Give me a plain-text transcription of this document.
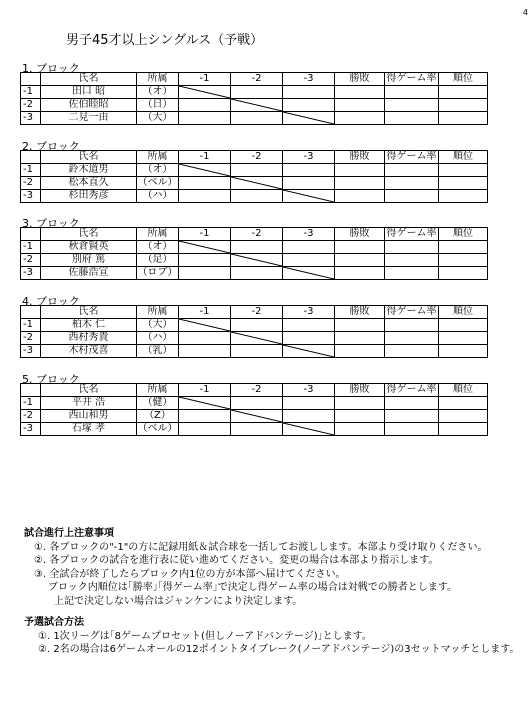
男子45才以上シングルス（予戦）
4
1. ブロック
	氏名	所属	-1	-2	-3	勝敗	得ゲーム率	順位
-1	田口 昭	（オ）	

-2	佐伯睦昭	（日）		

-3	二見一由	（大）			

2. ブロック
	氏名	所属	-1	-2	-3	勝敗	得ゲーム率	順位
-1	鈴木道男	（オ）	

-2	松本直久	（ベル）		

-3	杉田秀彦	（ハ）			

3. ブロック
	氏名	所属	-1	-2	-3	勝敗	得ゲーム率	順位
-1	秋倉賢英	（オ）	

-2	別府 篤	（足）		

-3	佐藤浩宣	（ロブ）			

4. ブロック
	氏名	所属	-1	-2	-3	勝敗	得ゲーム率	順位
-1	柏木 仁	（大）	

-2	西村秀貴	（ハ）		

-3	木村茂喜	（乳）			

5. ブロック
	氏名	所属	-1	-2	-3	勝敗	得ゲーム率	順位
-1	平井 浩	（健）	

-2	西山和男	（Z）		

-3	石塚 孝	（ベル）			

試合進行上注意事項
①. 各ブロックの"-1"の方に記録用紙＆試合球を一括してお渡しします。本部より受け取りください。
②. 各ブロックの試合を進行表に従い進めてください。変更の場合は本部より指示します。
③. 全試合が終了したらブロック内1位の方が本部へ届けてください。
ブロック内順位は｢勝率｣｢得ゲーム率｣で決定し得ゲーム率の場合は対戦での勝者とします。
上記で決定しない場合はジャンケンにより決定します。
予選試合方法
①. 1次リーグは｢8ゲームプロセット(但しノーアドバンテージ)｣とします。
②. 2名の場合は6ゲームオールの12ポイントタイブレーク(ノーアドバンテージ)の3セットマッチとします。
